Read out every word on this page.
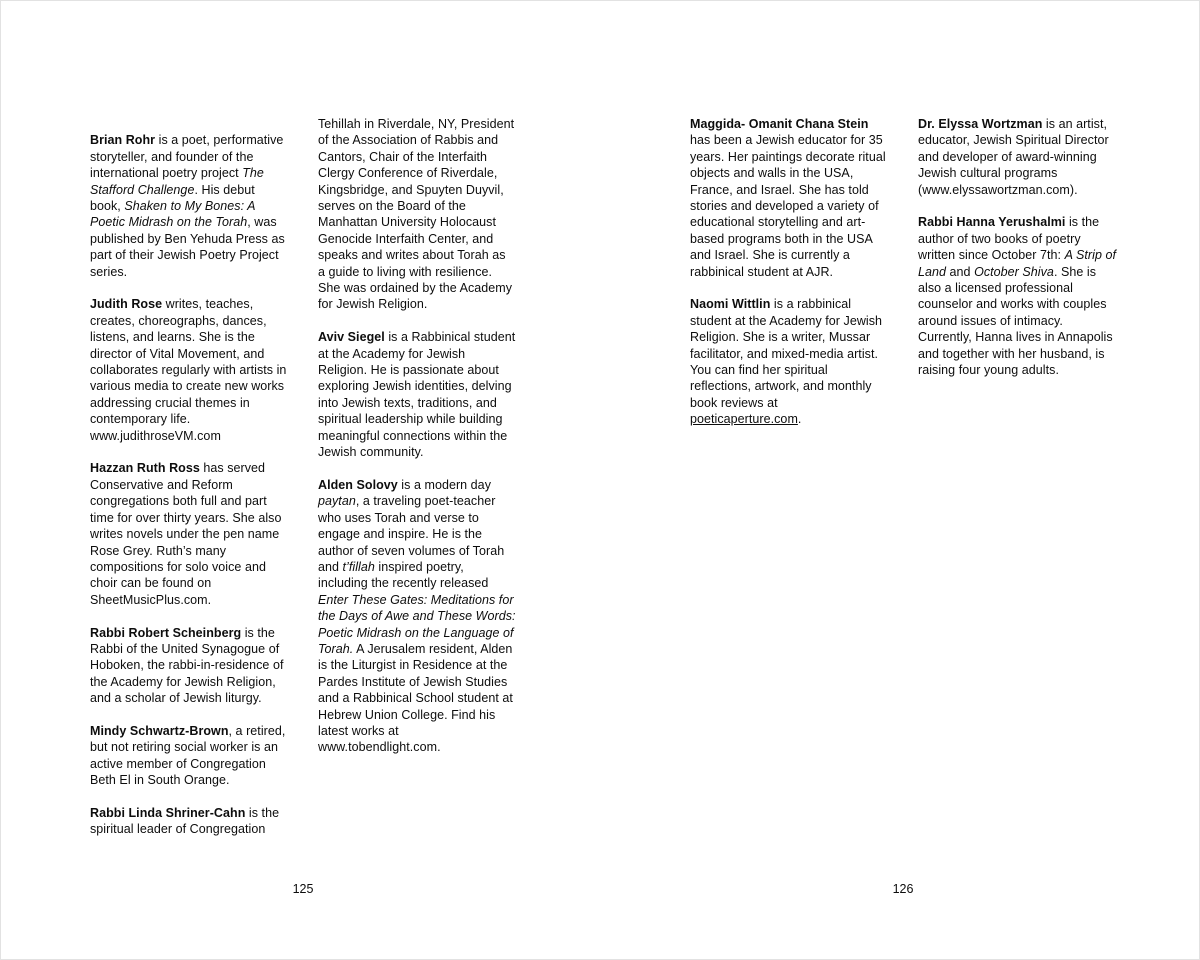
Brian Rohr is a poet, performative storyteller, and founder of the international poetry project The Stafford Challenge. His debut book, Shaken to My Bones: A Poetic Midrash on the Torah, was published by Ben Yehuda Press as part of their Jewish Poetry Project series.

Judith Rose writes, teaches, creates, choreographs, dances, listens, and learns. She is the director of Vital Movement, and collaborates regularly with artists in various media to create new works addressing crucial themes in contemporary life. www.judithroseVM.com

Hazzan Ruth Ross has served Conservative and Reform congregations both full and part time for over thirty years. She also writes novels under the pen name Rose Grey. Ruth’s many compositions for solo voice and choir can be found on SheetMusicPlus.com.

Rabbi Robert Scheinberg is the Rabbi of the United Synagogue of Hoboken, the rabbi-in-residence of the Academy for Jewish Religion, and a scholar of Jewish liturgy.

Mindy Schwartz-Brown, a retired, but not retiring social worker is an active member of Congregation Beth El in South Orange.

Rabbi Linda Shriner-Cahn is the spiritual leader of Congregation

Tehillah in Riverdale, NY, President of the Association of Rabbis and Cantors, Chair of the Interfaith Clergy Conference of Riverdale, Kingsbridge, and Spuyten Duyvil, serves on the Board of the Manhattan University Holocaust Genocide Interfaith Center, and speaks and writes about Torah as a guide to living with resilience. She was ordained by the Academy for Jewish Religion.

Aviv Siegel is a Rabbinical student at the Academy for Jewish Religion. He is passionate about exploring Jewish identities, delving into Jewish texts, traditions, and spiritual leadership while building meaningful connections within the Jewish community.

Alden Solovy is a modern day paytan, a traveling poet-teacher who uses Torah and verse to engage and inspire. He is the author of seven volumes of Torah and t’fillah inspired poetry, including the recently released Enter These Gates: Meditations for the Days of Awe and These Words: Poetic Midrash on the Language of Torah. A Jerusalem resident, Alden is the Liturgist in Residence at the Pardes Institute of Jewish Studies and a Rabbinical School student at Hebrew Union College. Find his latest works at www.tobendlight.com.

125

Maggida- Omanit Chana Stein has been a Jewish educator for 35 years. Her paintings decorate ritual objects and walls in the USA, France, and Israel. She has told stories and developed a variety of educational storytelling and art-based programs both in the USA and Israel. She is currently a rabbinical student at AJR.

Naomi Wittlin is a rabbinical student at the Academy for Jewish Religion. She is a writer, Mussar facilitator, and mixed-media artist. You can find her spiritual reflections, artwork, and monthly book reviews at poeticaperture.com.

Dr. Elyssa Wortzman is an artist, educator, Jewish Spiritual Director and developer of award-winning Jewish cultural programs (www.elyssawortzman.com).

Rabbi Hanna Yerushalmi is the author of two books of poetry written since October 7th: A Strip of Land and October Shiva. She is also a licensed professional counselor and works with couples around issues of intimacy. Currently, Hanna lives in Annapolis and together with her husband, is raising four young adults.

126
